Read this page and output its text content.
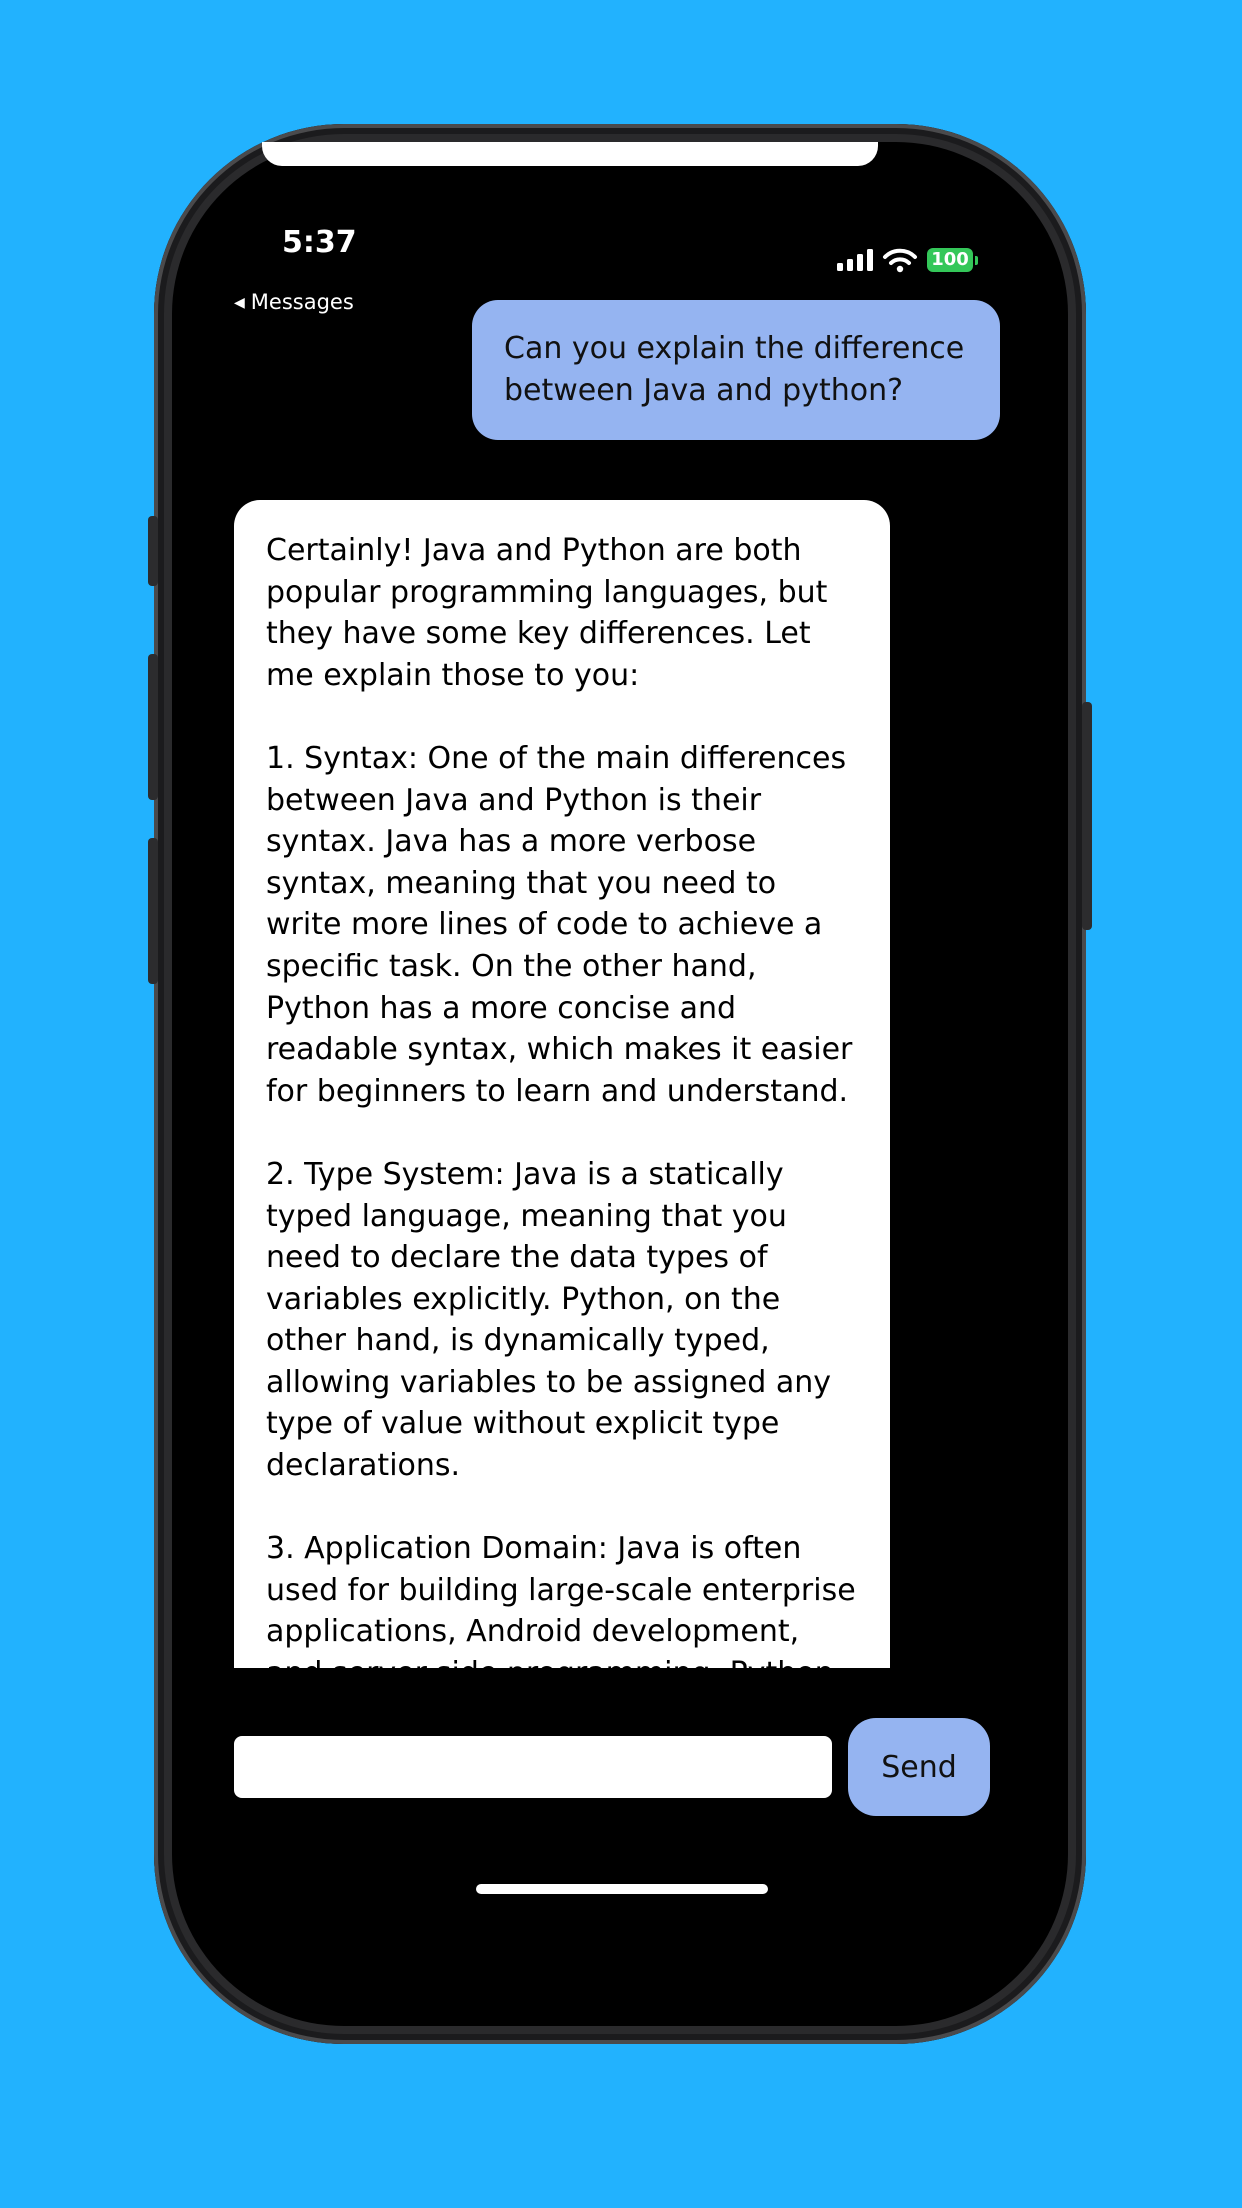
5:37
◀ Messages
100
Can you explain the difference between Java and python?
Certainly! Java and Python are both popular programming languages, but they have some key differences. Let me explain those to you:

1. Syntax: One of the main differences between Java and Python is their syntax. Java has a more verbose syntax, meaning that you need to write more lines of code to achieve a specific task. On the other hand, Python has a more concise and readable syntax, which makes it easier for beginners to learn and understand.

2. Type System: Java is a statically typed language, meaning that you need to declare the data types of variables explicitly. Python, on the other hand, is dynamically typed, allowing variables to be assigned any type of value without explicit type declarations.

3. Application Domain: Java is often used for building large-scale enterprise applications, Android development, and server-side programming. Python
Send
